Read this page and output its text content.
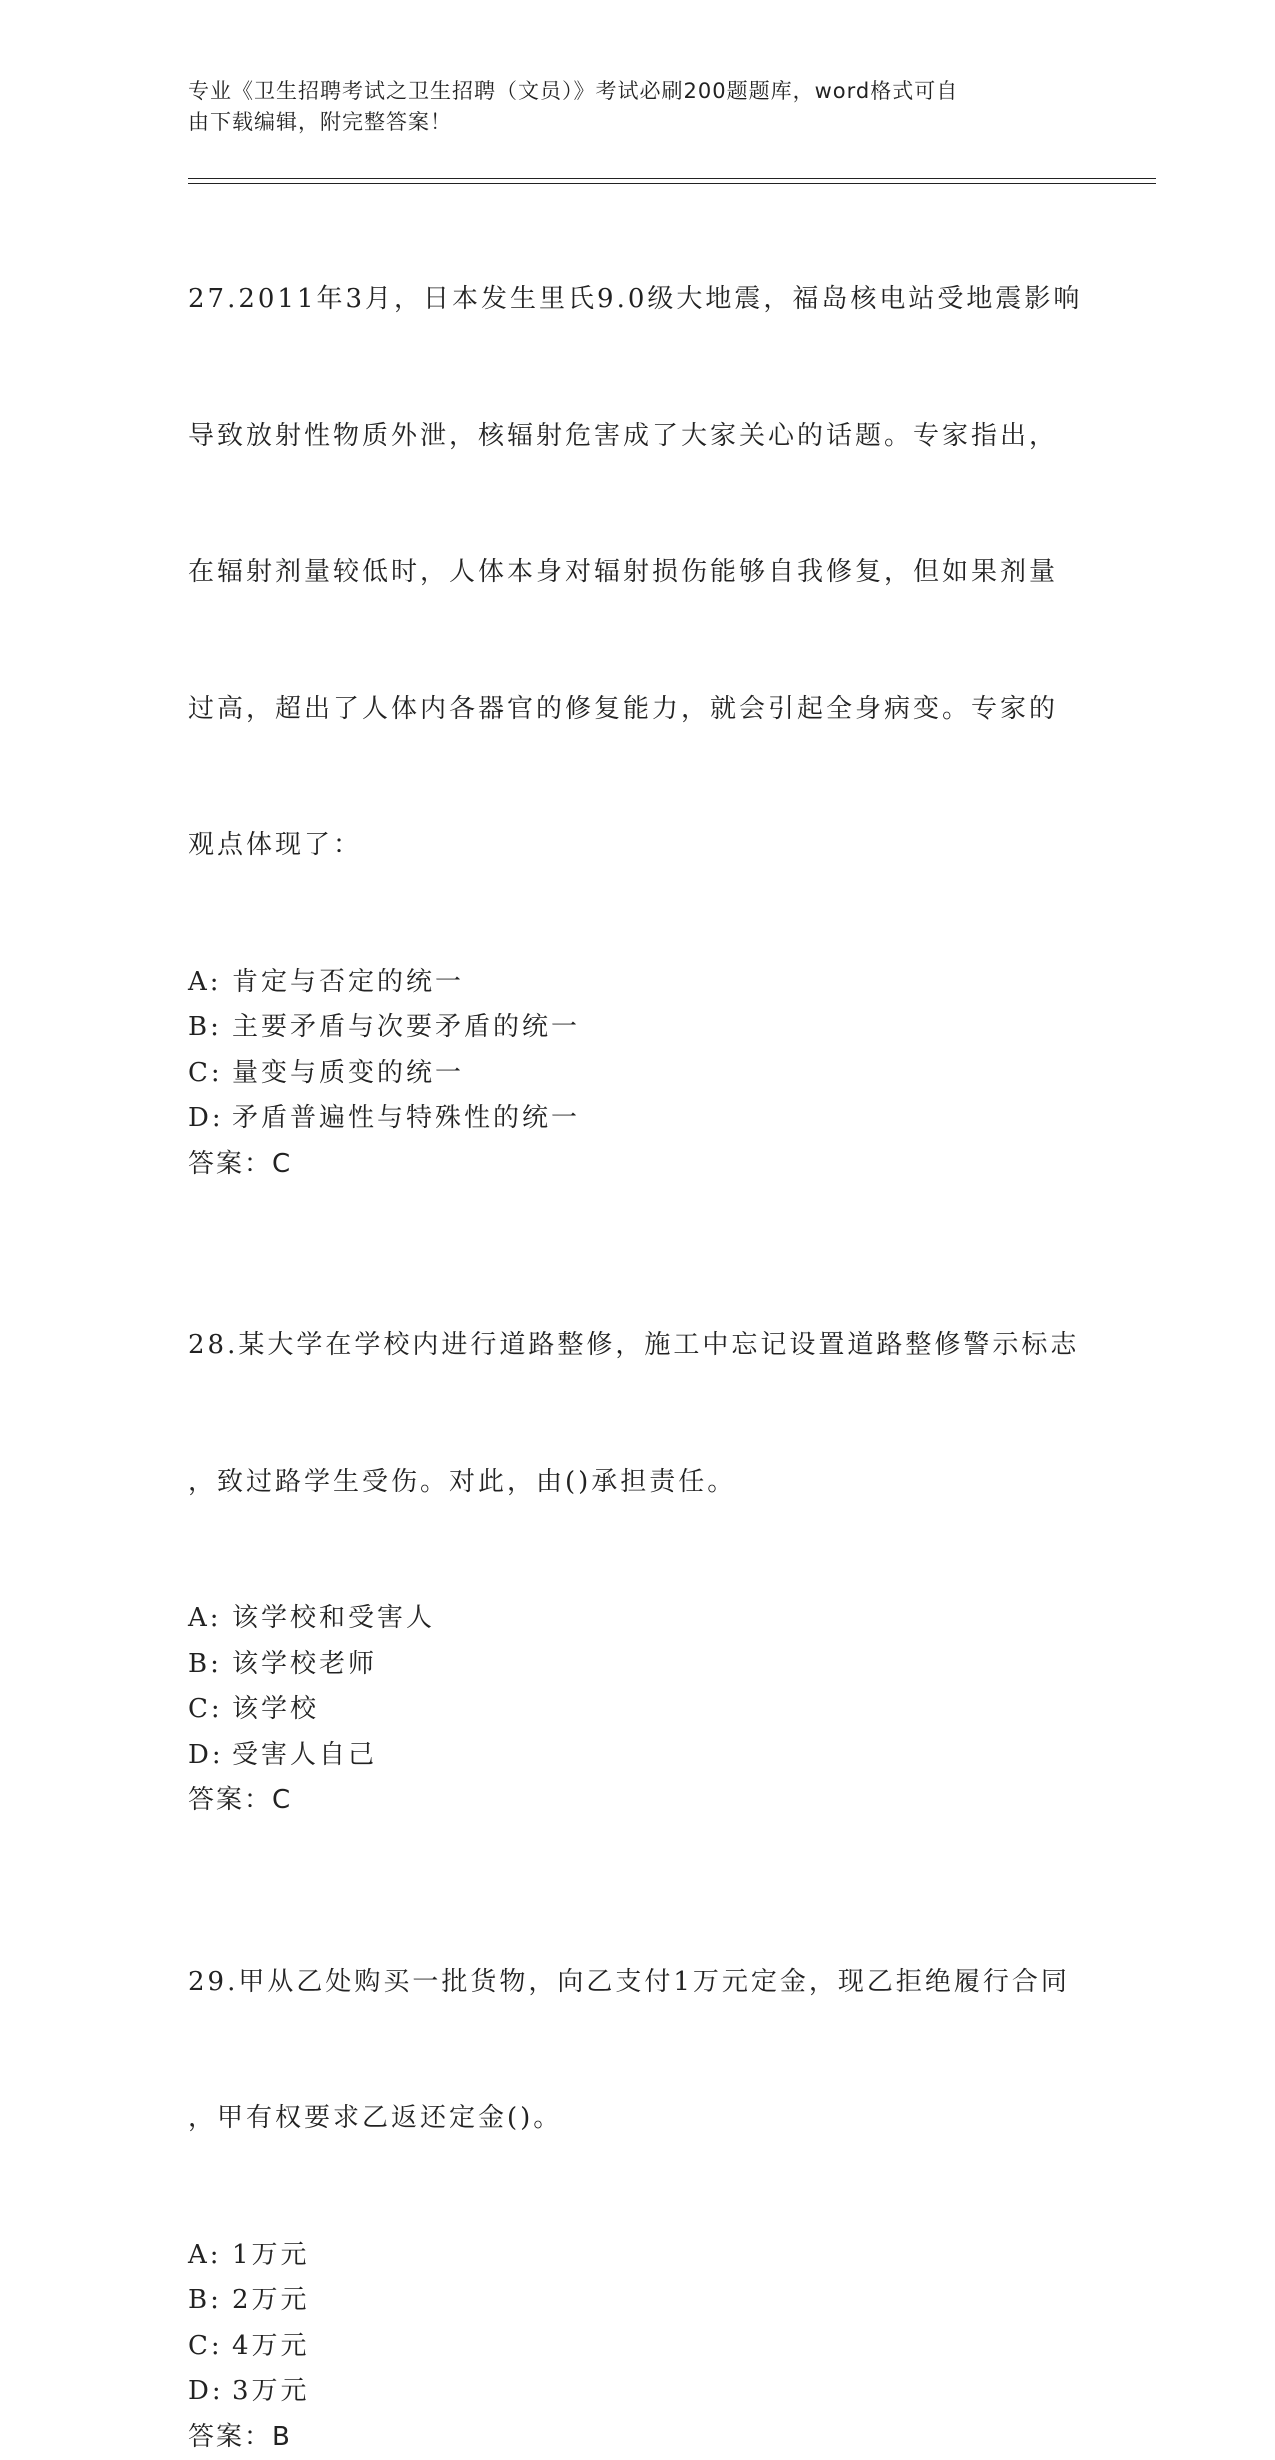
专业《卫生招聘考试之卫生招聘（文员）》考试必刷200题题库，word格式可自
由下载编辑，附完整答案！

27.2011年3月，日本发生里氏9.0级大地震，福岛核电站受地震影响

导致放射性物质外泄，核辐射危害成了大家关心的话题。专家指出，

在辐射剂量较低时，人体本身对辐射损伤能够自我修复，但如果剂量

过高，超出了人体内各器官的修复能力，就会引起全身病变。专家的

观点体现了：

A: 肯定与否定的统一
B: 主要矛盾与次要矛盾的统一
C: 量变与质变的统一
D: 矛盾普遍性与特殊性的统一
答案：C

28.某大学在学校内进行道路整修，施工中忘记设置道路整修警示标志

，致过路学生受伤。对此，由()承担责任。

A: 该学校和受害人
B: 该学校老师
C: 该学校
D: 受害人自己
答案：C

29.甲从乙处购买一批货物，向乙支付1万元定金，现乙拒绝履行合同

，甲有权要求乙返还定金()。

A: 1万元
B: 2万元
C: 4万元
D: 3万元
答案：B
